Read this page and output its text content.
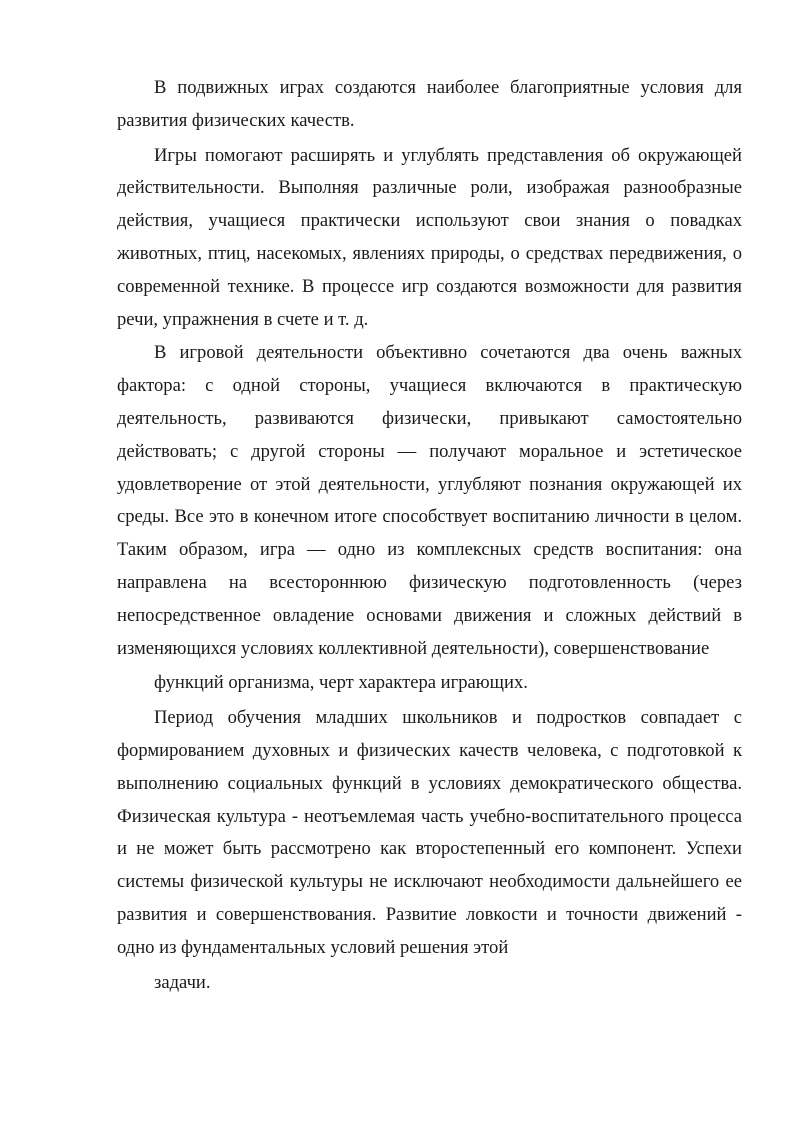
В подвижных играх создаются наиболее благоприятные условия для развития физических качеств.

Игры помогают расширять и углублять представления об окружающей действительности. Выполняя различные роли, изображая разнообразные действия, учащиеся практически используют свои знания о повадках животных, птиц, насекомых, явлениях природы, о средствах передвижения, о современной технике. В процессе игр создаются возможности для развития речи, упражнения в счете и т. д.

В игровой деятельности объективно сочетаются два очень важных фактора: с одной стороны, учащиеся включаются в практическую деятельность, развиваются физически, привыкают самостоятельно действовать; с другой стороны — получают моральное и эстетическое удовлетворение от этой деятельности, углубляют познания окружающей их среды. Все это в конечном итоге способствует воспитанию личности в целом. Таким образом, игра — одно из комплексных средств воспитания: она направлена на всестороннюю физическую подготовленность (через непосредственное овладение основами движения и сложных действий в изменяющихся условиях коллективной деятельности), совершенствование

функций организма, черт характера играющих.

Период обучения младших школьников и подростков совпадает с формированием духовных и физических качеств человека, с подготовкой к выполнению социальных функций в условиях демократического общества. Физическая культура - неотъемлемая часть учебно-воспитательного процесса и не может быть рассмотрено как второстепенный его компонент. Успехи системы физической культуры не исключают необходимости дальнейшего ее развития и совершенствования. Развитие ловкости и точности движений - одно из фундаментальных условий решения этой

задачи.
